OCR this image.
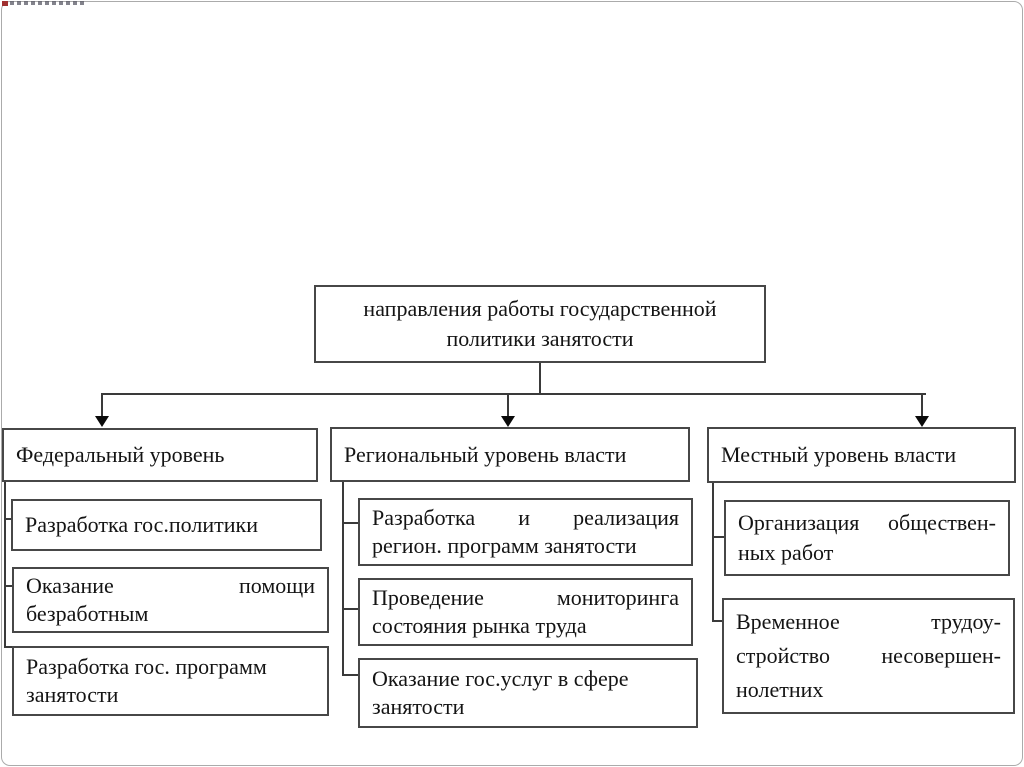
направления работы государственной
политики занятости
Федеральный уровень	Региональный уровень власти	Местный уровень власти
Разработка гос.политики
Оказание помощи
безработным
Разработка гос. программ
занятости
Разработка и реализация
регион. программ занятости
Проведение мониторинга
состояния рынка труда
Оказание гос.услуг в сфере
занятости
Организация обществен-
ных работ
Временное трудоу-
стройство несовершен-
нолетних
